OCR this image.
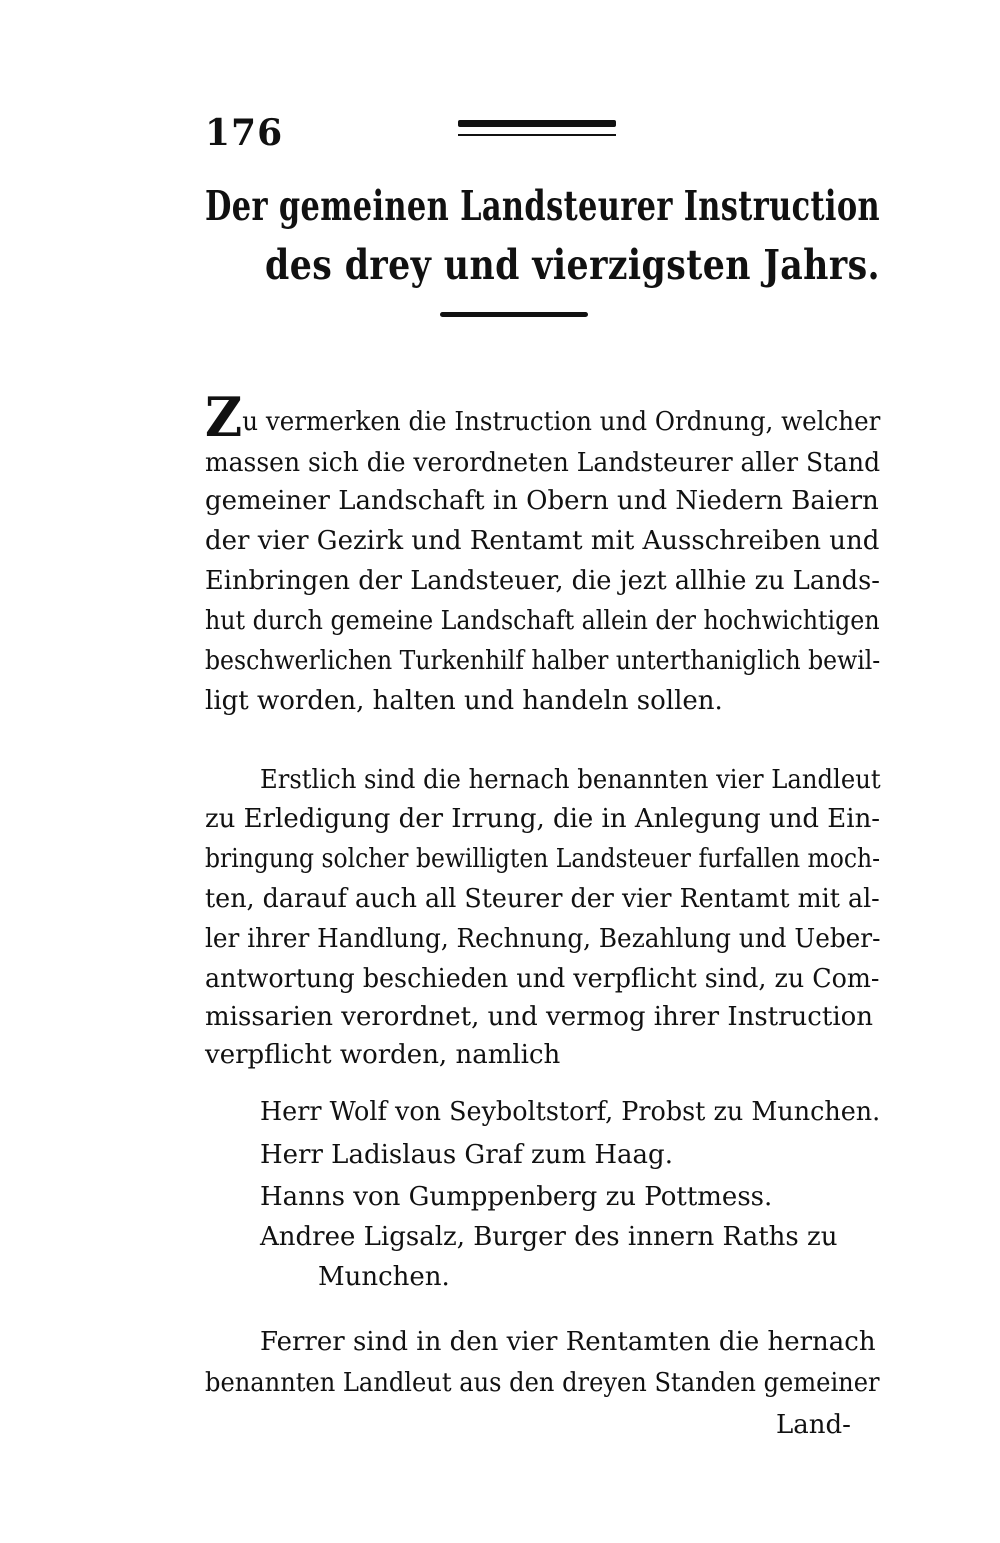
176
Der gemeinen Landsteurer Instruction
des drey und vierzigsten Jahrs.
Zu vermerken die Instruction und Ordnung, welcher
massen sich die verordneten Landsteurer aller Stand
gemeiner Landschaft in Obern und Niedern Baiern
der vier Gezirk und Rentamt mit Ausschreiben und
Einbringen der Landsteuer, die jezt allhie zu Lands-
hut durch gemeine Landschaft allein der hochwichtigen
beschwerlichen Turkenhilf halber unterthaniglich bewil-
ligt worden, halten und handeln sollen.
Erstlich sind die hernach benannten vier Landleut
zu Erledigung der Irrung, die in Anlegung und Ein-
bringung solcher bewilligten Landsteuer furfallen moch-
ten, darauf auch all Steurer der vier Rentamt mit al-
ler ihrer Handlung, Rechnung, Bezahlung und Ueber-
antwortung beschieden und verpflicht sind, zu Com-
missarien verordnet, und vermog ihrer Instruction
verpflicht worden, namlich
Herr Wolf von Seyboltstorf, Probst zu Munchen.
Herr Ladislaus Graf zum Haag.
Hanns von Gumppenberg zu Pottmess.
Andree Ligsalz, Burger des innern Raths zu
Munchen.
Ferrer sind in den vier Rentamten die hernach
benannten Landleut aus den dreyen Standen gemeiner
Land-
